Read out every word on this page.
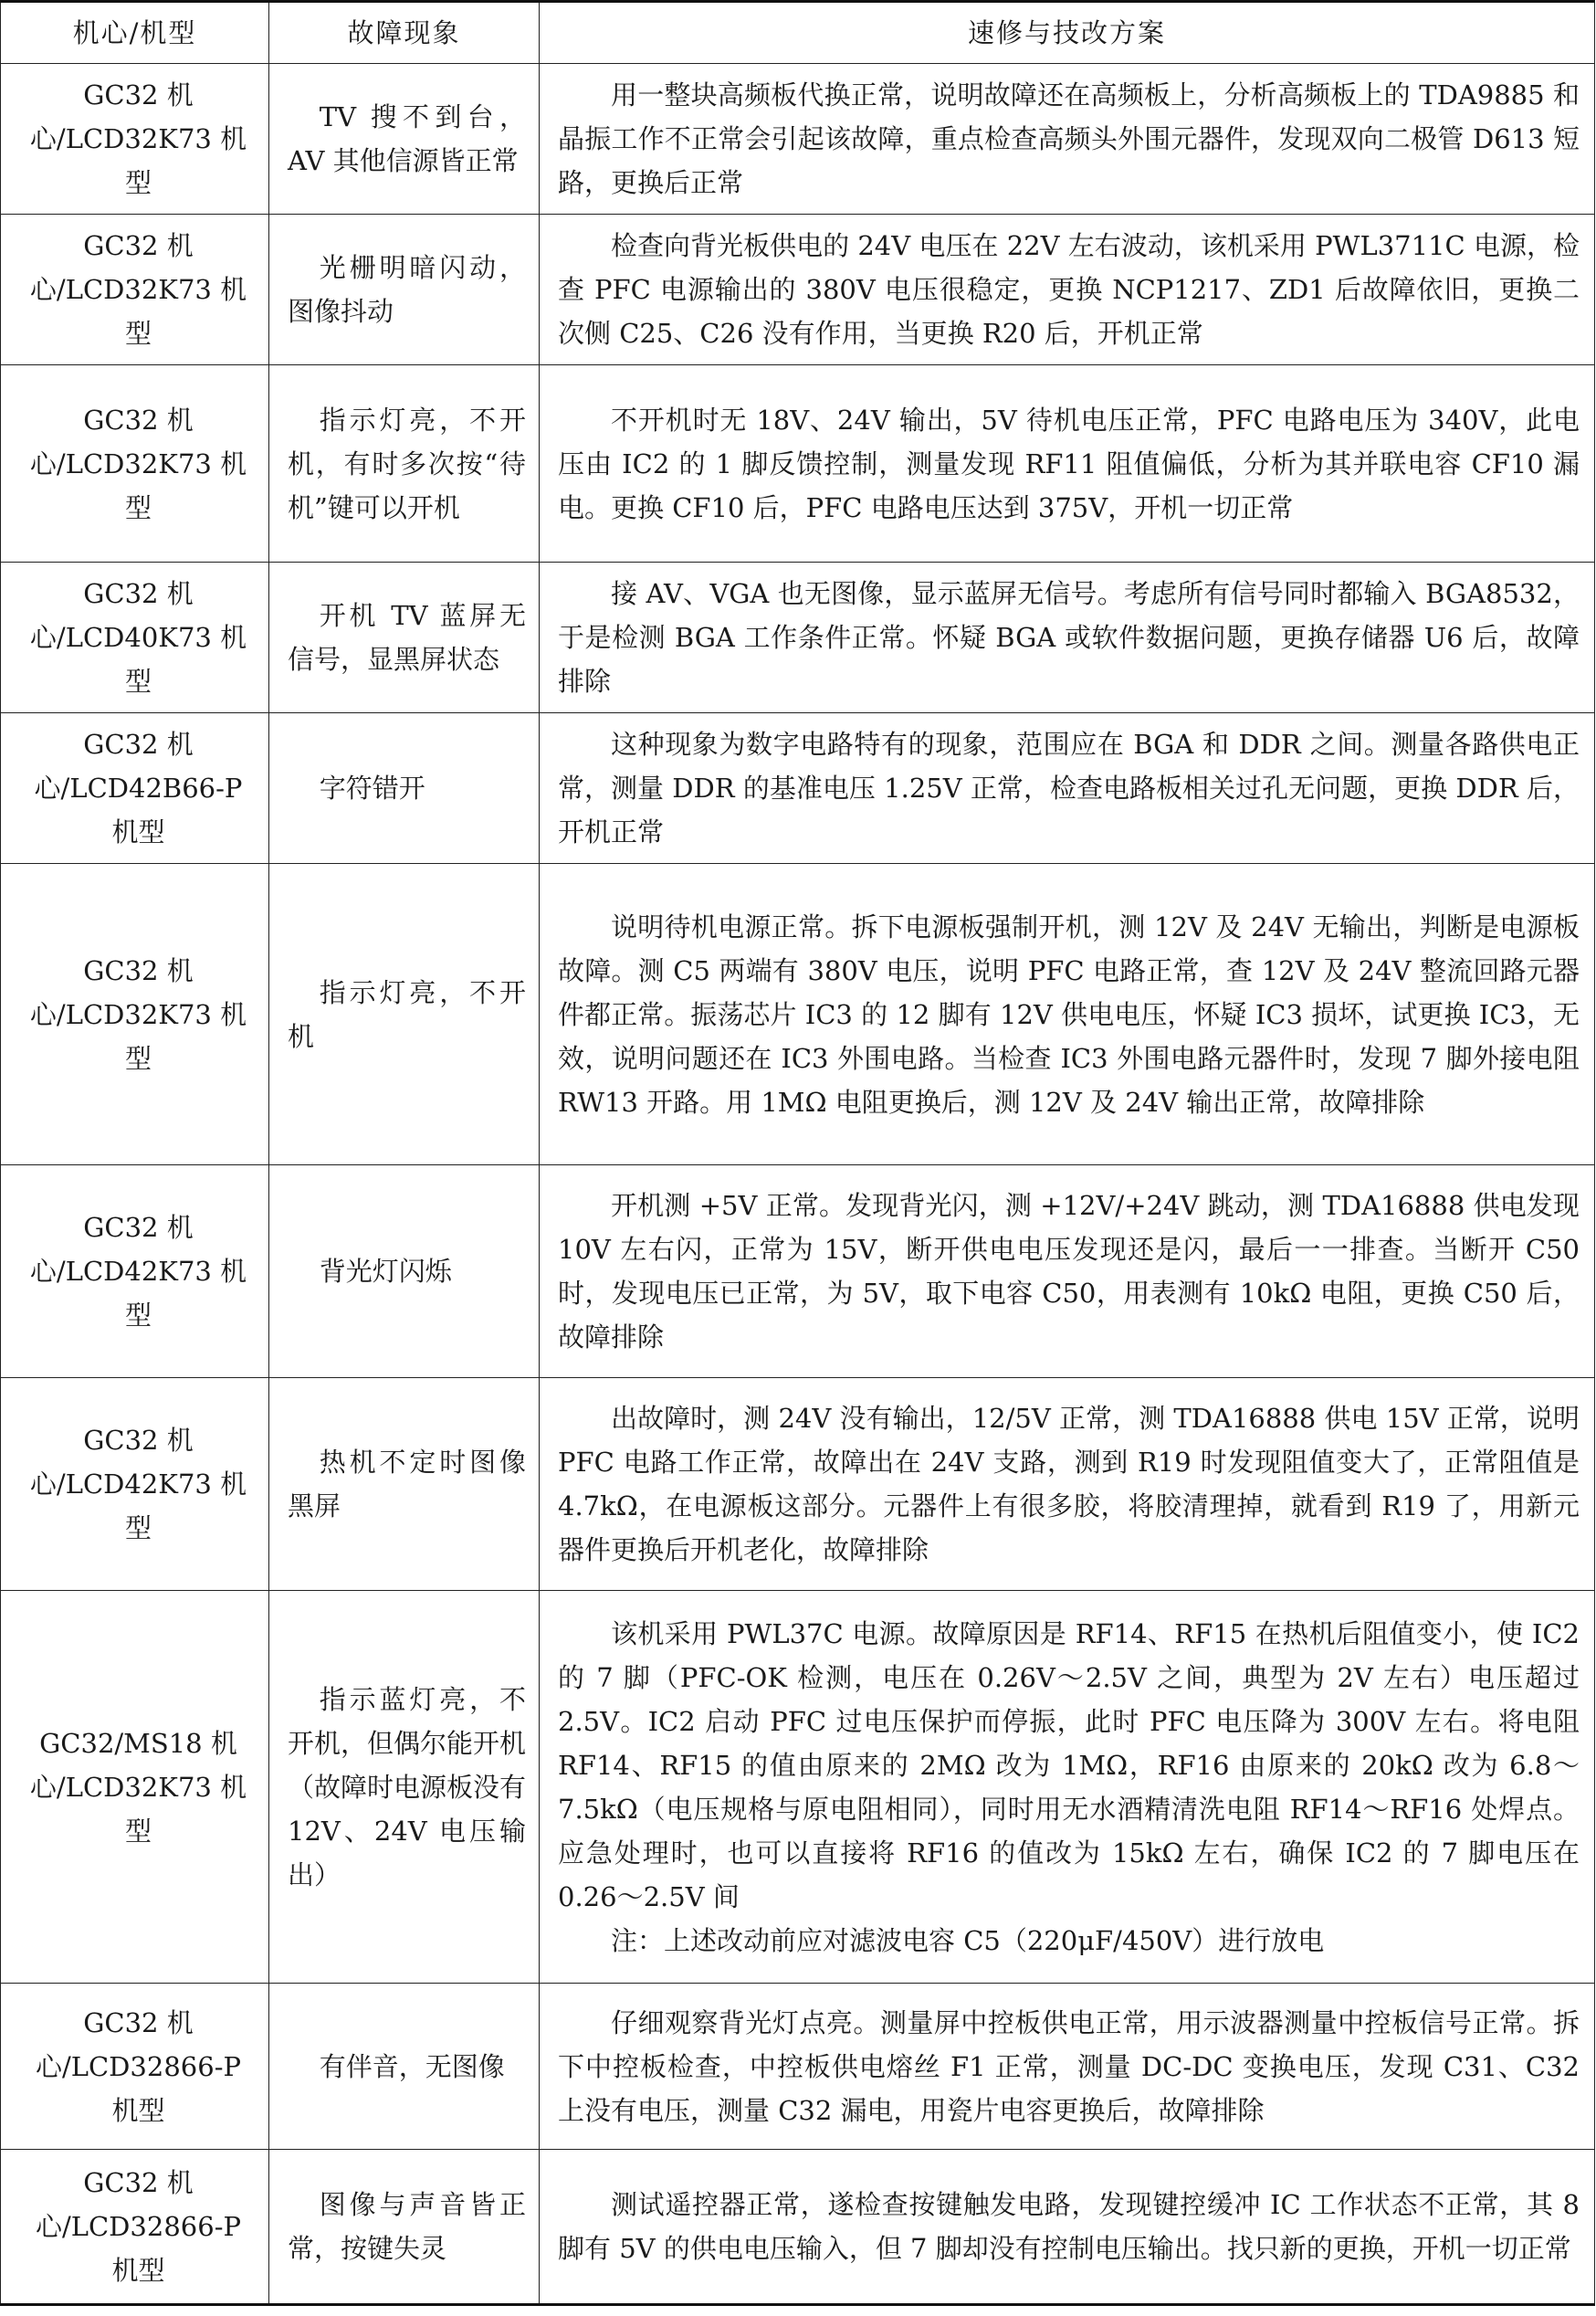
机心/机型	故障现象	速修与技改方案

GC32 机心/LCD32K73 机型	TV 搜不到台，AV 其他信源皆正常	用一整块高频板代换正常，说明故障还在高频板上，分析高频板上的 TDA9885 和晶振工作不正常会引起该故障，重点检查高频头外围元器件，发现双向二极管 D613 短路，更换后正常

GC32 机心/LCD32K73 机型	光栅明暗闪动，图像抖动	检查向背光板供电的 24V 电压在 22V 左右波动，该机采用 PWL3711C 电源，检查 PFC 电源输出的 380V 电压很稳定，更换 NCP1217、ZD1 后故障依旧，更换二次侧 C25、C26 没有作用，当更换 R20 后，开机正常

GC32 机心/LCD32K73 机型	指示灯亮，不开机，有时多次按“待机”键可以开机	不开机时无 18V、24V 输出，5V 待机电压正常，PFC 电路电压为 340V，此电压由 IC2 的 1 脚反馈控制，测量发现 RF11 阻值偏低，分析为其并联电容 CF10 漏电。更换 CF10 后，PFC 电路电压达到 375V，开机一切正常

GC32 机心/LCD40K73 机型	开机 TV 蓝屏无信号，显黑屏状态	接 AV、VGA 也无图像，显示蓝屏无信号。考虑所有信号同时都输入 BGA8532，于是检测 BGA 工作条件正常。怀疑 BGA 或软件数据问题，更换存储器 U6 后，故障排除

GC32 机心/LCD42B66-P 机型	字符错开	这种现象为数字电路特有的现象，范围应在 BGA 和 DDR 之间。测量各路供电正常，测量 DDR 的基准电压 1.25V 正常，检查电路板相关过孔无问题，更换 DDR 后，开机正常

GC32 机心/LCD32K73 机型	指示灯亮，不开机	说明待机电源正常。拆下电源板强制开机，测 12V 及 24V 无输出，判断是电源板故障。测 C5 两端有 380V 电压，说明 PFC 电路正常，查 12V 及 24V 整流回路元器件都正常。振荡芯片 IC3 的 12 脚有 12V 供电电压，怀疑 IC3 损坏，试更换 IC3，无效，说明问题还在 IC3 外围电路。当检查 IC3 外围电路元器件时，发现 7 脚外接电阻 RW13 开路。用 1MΩ 电阻更换后，测 12V 及 24V 输出正常，故障排除

GC32 机心/LCD42K73 机型	背光灯闪烁	开机测 +5V 正常。发现背光闪，测 +12V/+24V 跳动，测 TDA16888 供电发现 10V 左右闪，正常为 15V，断开供电电压发现还是闪，最后一一排查。当断开 C50 时，发现电压已正常，为 5V，取下电容 C50，用表测有 10kΩ 电阻，更换 C50 后，故障排除

GC32 机心/LCD42K73 机型	热机不定时图像黑屏	出故障时，测 24V 没有输出，12/5V 正常，测 TDA16888 供电 15V 正常，说明 PFC 电路工作正常，故障出在 24V 支路，测到 R19 时发现阻值变大了，正常阻值是 4.7kΩ，在电源板这部分。元器件上有很多胶，将胶清理掉，就看到 R19 了，用新元器件更换后开机老化，故障排除

GC32/MS18 机心/LCD32K73 机型	指示蓝灯亮，不开机，但偶尔能开机（故障时电源板没有 12V、24V 电压输出）	该机采用 PWL37C 电源。故障原因是 RF14、RF15 在热机后阻值变小，使 IC2 的 7 脚（PFC-OK 检测，电压在 0.26V～2.5V 之间，典型为 2V 左右）电压超过 2.5V。IC2 启动 PFC 过电压保护而停振，此时 PFC 电压降为 300V 左右。将电阻 RF14、RF15 的值由原来的 2MΩ 改为 1MΩ，RF16 由原来的 20kΩ 改为 6.8～7.5kΩ（电压规格与原电阻相同），同时用无水酒精清洗电阻 RF14～RF16 处焊点。应急处理时，也可以直接将 RF16 的值改为 15kΩ 左右，确保 IC2 的 7 脚电压在 0.26～2.5V 间

注：上述改动前应对滤波电容 C5（220μF/450V）进行放电

GC32 机心/LCD32866-P 机型	有伴音，无图像	仔细观察背光灯点亮。测量屏中控板供电正常，用示波器测量中控板信号正常。拆下中控板检查，中控板供电熔丝 F1 正常，测量 DC-DC 变换电压，发现 C31、C32 上没有电压，测量 C32 漏电，用瓷片电容更换后，故障排除

GC32 机心/LCD32866-P 机型	图像与声音皆正常，按键失灵	测试遥控器正常，遂检查按键触发电路，发现键控缓冲 IC 工作状态不正常，其 8 脚有 5V 的供电电压输入，但 7 脚却没有控制电压输出。找只新的更换，开机一切正常
